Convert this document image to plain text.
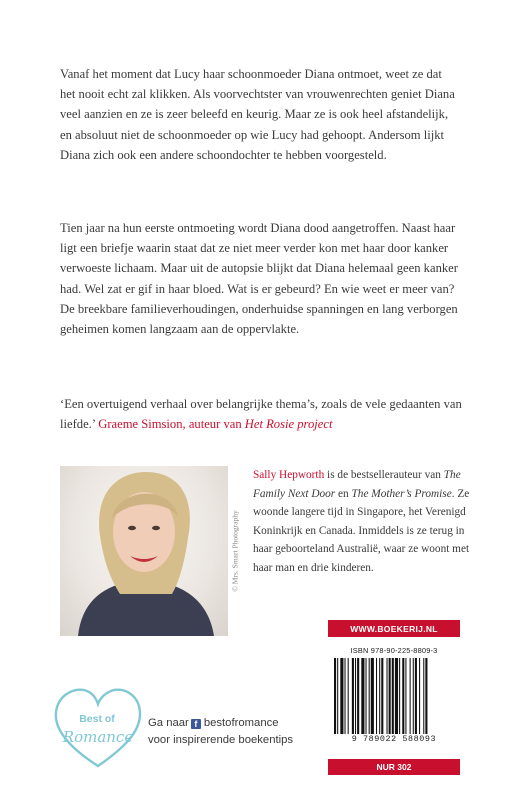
Vanaf het moment dat Lucy haar schoonmoeder Diana ontmoet, weet ze dat het nooit echt zal klikken. Als voorvechtster van vrouwenrechten geniet Diana veel aanzien en ze is zeer beleefd en keurig. Maar ze is ook heel afstandelijk, en absoluut niet de schoonmoeder op wie Lucy had gehoopt. Andersom lijkt Diana zich ook een andere schoondochter te hebben voorgesteld.

Tien jaar na hun eerste ontmoeting wordt Diana dood aangetroffen. Naast haar ligt een briefje waarin staat dat ze niet meer verder kon met haar door kanker verwoeste lichaam. Maar uit de autopsie blijkt dat Diana helemaal geen kanker had. Wel zat er gif in haar bloed. Wat is er gebeurd? En wie weet er meer van? De breekbare familieverhoudingen, onderhuidse spanningen en lang verborgen geheimen komen langzaam aan de oppervlakte.

‘Een overtuigend verhaal over belangrijke thema’s, zoals de vele gedaanten van liefde.’ Graeme Simsion, auteur van Het Rosie project

© Mrs. Smart Photography

Sally Hepworth is de bestsellerauteur van The Family Next Door en The Mother’s Promise. Ze woonde langere tijd in Singapore, het Verenigd Koninkrijk en Canada. Inmiddels is ze terug in haar geboorteland Australië, waar ze woont met haar man en drie kinderen.

WWW.BOEKERIJ.NL
ISBN 978-90-225-8809-3
9 789022 588093
NUR 302
Best of
Romance
Ga naar f bestofromance
voor inspirerende boekentips
